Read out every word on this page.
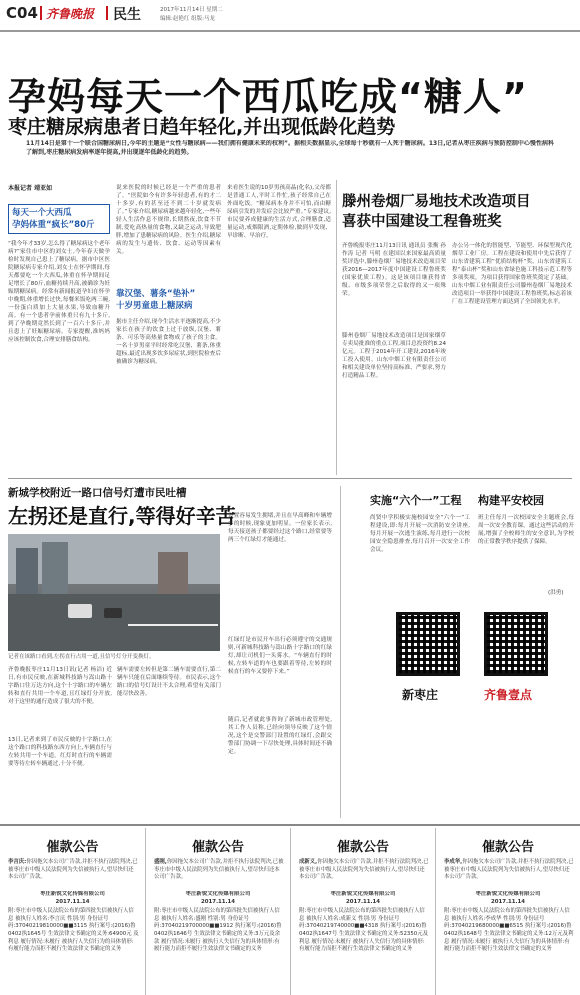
C04 齐鲁晚报 民生	2017年11月14日 星期二
编辑:赵艳红 组版:马龙
孕妈每天一个西瓜吃成“糖人”
枣庄糖尿病患者日趋年轻化,并出现低龄化趋势
11月14日是第十一个联合国糖尿病日,今年的主题是“女性与糖尿病——我们拥有健康未来的权利”。据相关数据显示,全球每十秒就有一人死于糖尿病。13日,记者从枣庄疾病与预防控制中心慢性病科了解到,枣庄糖尿病发病率逐年提高,并出现逐年低龄化的趋势。
本报记者 靖亚如
每天一个大西瓜
孕妈体重“疯长”80斤
“我今年才33岁,怎么得了糖尿病这个老年病?”家住市中区的刘女士,今年春天做孕检时发现自己患上了糖尿病。据市中区医院糖尿病专家介绍,刘女士在怀孕期间,每天都要吃一个大西瓜,体重在怀孕期间足足增长了80斤,血糖持续升高,被确诊为妊娠期糖尿病。经常有新闻报道孕妇在怀孕中晚期,体重增长过快,每餐米饭吃两三碗,一份蛋白质加上大量水果,导致血糖升高。有一个患者孕前体重只有九十多斤,到了孕晚期竟然长到了一百六十多斤,并且患上了妊娠糖尿病。专家提醒,准妈妈应该控制饮食,合理安排膳食结构。
说来医院的时候已经是一个严重的患者了。“医院如今有许多年轻患者,有的才二十多岁,有的甚至还不到二十岁就发病了。”专家介绍,糖尿病越来越年轻化,一些年轻人生活作息不规律,长期熬夜,饮食不节制,爱吃高热量的食物,又缺乏运动,导致肥胖,增加了患糖尿病的风险。医生介绍,糖尿病的发生与遗传、饮食、运动等因素有关。
靠汉堡、薯条“垫补”
十岁男童患上糖尿病
据市主任介绍,现今生活水平逐渐提高,不少家长在孩子的饮食上过于放纵,汉堡、薯条、可乐等高热量食物成了孩子的主食。一名十岁男童平时经常吃汉堡、薯条,体重超标,最近出现多饮多尿症状,到医院检查后被确诊为糖尿病。
来看医生说的10岁男孩高晶(化名),父母都是普通工人,平时工作忙,孩子经常自己在外面吃饭。“糖尿病本身并不可怕,而由糖尿病引发的并发症会比较严重。”专家建议,市民要养成健康的生活方式,合理膳食,适量运动,戒烟限酒,定期体检,做到早发现、早诊断、早治疗。
滕州卷烟厂易地技术改造项目
喜获中国建设工程鲁班奖
齐鲁晚报枣庄11月13日讯 通讯员 张衡 孙作涛 记者 马明 在建国以来国家最高质量奖评选中,滕州卷烟厂易地技术改造项目荣获2016—2017年度中国建设工程鲁班奖(国家优质工程)。这是该项目继获得省级、市级多项荣誉之后取得的又一项殊荣。
滕州卷烟厂易地技术改造项目是国家烟草专卖局批准的重点工程,项目总投资约8.24亿元。工程于2014年开工建设,2016年竣工投入使用。山东中烟工业有限责任公司和相关建设单位坚持高标准、严要求,努力打造精品工程。
办公另一体化的智能型、节能型、环保型现代化烟草工业厂房。工程在建设和使用中先后获得了山东省建筑工程“优质结构杯”奖、山东省建筑工程“泰山杯”奖和山东省绿色施工科技示范工程等多项奖项。为项目获得国家鲁班奖奠定了基础。山东中烟工业有限责任公司滕州卷烟厂易地技术改造项目一举获得中国建设工程鲁班奖,标志着该厂在工程建设管理方面达到了全国领先水平。
新城学校附近一路口信号灯遭市民吐槽
左拐还是直行,等得好辛苦
记者在该路口看到,左拐直行占用一道,且信号灯分开变换灯。
齐鲁晚报枣庄11月13日讯(记者 杨洁) 近日,有市民反映,在新城科技路与嵩山路十字路口往万达方向,这个十字路口的车辆左转和直行共用一个车道,且红绿灯分开放,对于这里的通行造成了很大的不便。
13日,记者来到了市民反映的十字路口,在这个路口的科技路东西方向上,车辆直行与左转共用一个车道。红灯时直行的车辆需要等待左转车辆通过,十分不便。
辆车需要左转但是第二辆车需要直行,第二辆车只能在后面继续等待。市民表示,这个路口的信号灯设计不太合理,希望有关部门能尽快改善。
设置容易发生拥堵,并且在早高峰和车辆增多的时候,现象更加明显。一位家长表示,每天接送孩子都要经过这个路口,经常要等两三个红绿灯才能通过。
红绿灯是市民开车出行必须遵守的交通规则,可新城科技路与嵩山路十字路口的红绿灯,却让司机们一头雾水。“车辆直行的时候,左转车道的车也要跟着等待,左转的时候直行的车又要停下来。”
随后,记者就此事咨询了新城市政管理处,其工作人员称,已经向领导反映了这个情况,这个是交警部门设置的红绿灯,会跟交警部门协调一下尽快处理,具体时间还不确定。
实施“六个一”工程 构建平安校园
尚贤中学积极实施校园安全“六个一”工程建设,即:每月开展一次消防安全讲座,每月开展一次逃生演练,每月进行一次校园安全隐患排查,每月召开一次安全工作会议。
班主任每月一次校园安全主题班会,每周一次安全教育课。通过这些活动的开展,增强了全校师生的安全意识,为学校的正常教学秩序提供了保障。
(洪勇)
新枣庄	齐鲁壹点
催款公告
李言庆:你因拖欠本公司广告款,并拒不执行法院判决,已被枣庄市中级人民法院列为失信被执行人,望尽快归还本公司广告款。
枣庄新锐文化传媒有限公司
2017.11.14
附:枣庄市中级人民法院公布的第四批失信被执行人信息 被执行人姓名:李言庆 性别:男 身份证号码:37040219810000■■3115 执行案号:(2016)鲁0402执1645号 生效法律文书确定的义务:64900元 及利息 履行情况:未履行 被执行人失信行为的具体情形:有履行能力而拒不履行生效法律文书确定的义务
催款公告
盛刚,你因拖欠本公司广告款,并拒不执行法院判决,已被枣庄市中级人民法院列为失信被执行人,望尽快归还本公司广告款。
枣庄新锐文化传媒有限公司
2017.11.14
附:枣庄市中级人民法院公布的第四批失信被执行人信息 被执行人姓名:盛刚 性别:男 身份证号码:37040219700000■■1912 执行案号:(2016)鲁0402执1646号 生效法律文书确定的义务:3万元及余款 履行情况:未履行 被执行人失信行为的具体情形:有履行能力而拒不履行生效法律文书确定的义务
催款公告
成新义,你因拖欠本公司广告款,并拒不执行法院判决,已被枣庄市中级人民法院列为失信被执行人,望尽快归还本公司广告款。
枣庄新锐文化传媒有限公司
2017.11.14
附:枣庄市中级人民法院公布的第四批失信被执行人信息 被执行人姓名:成新义 性别:男 身份证号码:37040219740000■■4318 执行案号:(2016)鲁0402执1647号 生效法律文书确定的义务:52350元及利息 履行情况:未履行 被执行人失信行为的具体情形:有履行能力而拒不履行生效法律文书确定的义务
催款公告
李成华,你因拖欠本公司广告款,并拒不执行法院判决,已被枣庄市中级人民法院列为失信被执行人,望尽快归还本公司广告款。
枣庄新锐文化传媒有限公司
2017.11.14
附:枣庄市中级人民法院公布的第四批失信被执行人信息 被执行人姓名:李成华 性别:男 身份证号码:37040219680000■■6515 执行案号:(2016)鲁0402执1648号 生效法律文书确定的义务:12万元及利息 履行情况:未履行 被执行人失信行为的具体情形:有履行能力而拒不履行生效法律文书确定的义务
